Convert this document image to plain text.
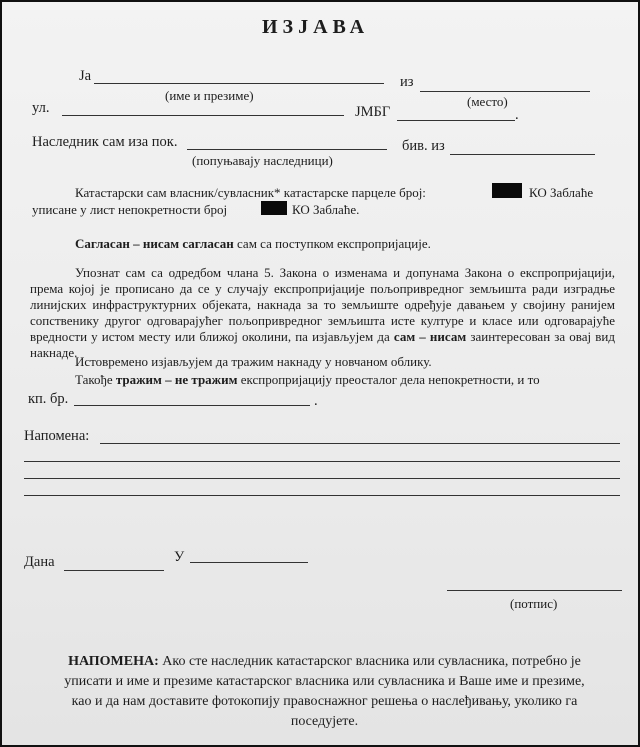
ИЗЈАВА
Ја
(име и презиме)
из
(место)
ул.	ЈМБГ	.
Наследник сам иза пок.
(попуњавају наследници)
бив. из
Катастарски сам власник/сувласник* катастарске парцеле број:	КО Заблаће
уписане у лист непокретности број	КО Заблаће.
Сагласан – нисам сагласан сам са поступком експропријације.
Упознат сам са одредбом члана 5. Закона о изменама и допунама Закона о експропријацији, према којој је прописано да се у случају експропријације пољопривредног земљишта ради изградње линијских инфраструктурних објеката, накнада за то земљиште одређује давањем у својину ранијем сопственику другог одговарајућег пољопривредног земљишта исте културе и класе или одговарајуће вредности у истом месту или ближој околини, па изјављујем да сам – нисам заинтересован за овај вид накнаде.
Истовремено изјављујем да тражим накнаду у новчаном облику.
Такође тражим – не тражим експропријацију преосталог дела непокретности, и то
кп. бр.	.
Напомена:
Дана	У
(потпис)
НАПОМЕНА: Ако сте наследник катастарског власника или сувласника, потребно је
уписати и име и презиме катастарског власника или сувласника и Ваше име и презиме,
као и да нам доставите фотокопију правоснажног решења о наслеђивању, уколико га
поседујете.
